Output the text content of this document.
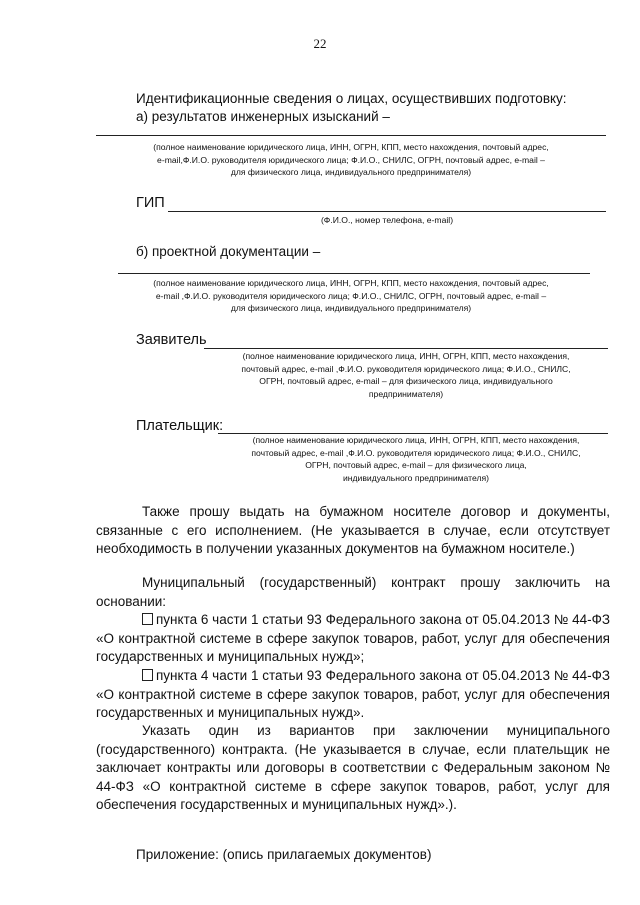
22
Идентификационные сведения о лицах, осуществивших подготовку:
а) результатов инженерных изысканий –
(полное наименование юридического лица, ИНН, ОГРН, КПП, место нахождения, почтовый адрес,
e-mail,Ф.И.О. руководителя юридического лица; Ф.И.О., СНИЛС, ОГРН, почтовый адрес, e-mail –
для физического лица, индивидуального предпринимателя)
ГИП
(Ф.И.О., номер телефона, e-mail)
б) проектной документации –
(полное наименование юридического лица, ИНН, ОГРН, КПП, место нахождения, почтовый адрес,
e-mail ,Ф.И.О. руководителя юридического лица; Ф.И.О., СНИЛС, ОГРН, почтовый адрес, e-mail –
для физического лица, индивидуального предпринимателя)
Заявитель
(полное наименование юридического лица, ИНН, ОГРН, КПП, место нахождения,
почтовый адрес, e-mail ,Ф.И.О. руководителя юридического лица; Ф.И.О., СНИЛС,
ОГРН, почтовый адрес, e-mail – для физического лица, индивидуального
предпринимателя)
Плательщик:
(полное наименование юридического лица, ИНН, ОГРН, КПП, место нахождения,
почтовый адрес, e-mail ,Ф.И.О. руководителя юридического лица; Ф.И.О., СНИЛС,
ОГРН, почтовый адрес, e-mail – для физического лица,
индивидуального предпринимателя)
Также прошу выдать на бумажном носителе договор и документы, связанные с его исполнением. (Не указывается в случае, если отсутствует необходимость в получении указанных документов на бумажном носителе.)
Муниципальный (государственный) контракт прошу заключить на основании:
пункта 6 части 1 статьи 93 Федерального закона от 05.04.2013 № 44-ФЗ «О контрактной системе в сфере закупок товаров, работ, услуг для обеспечения государственных и муниципальных нужд»;
пункта 4 части 1 статьи 93 Федерального закона от 05.04.2013 № 44-ФЗ «О контрактной системе в сфере закупок товаров, работ, услуг для обеспечения государственных и муниципальных нужд».
Указать один из вариантов при заключении муниципального (государственного) контракта. (Не указывается в случае, если плательщик не заключает контракты или договоры в соответствии с Федеральным законом № 44-ФЗ «О контрактной системе в сфере закупок товаров, работ, услуг для обеспечения государственных и муниципальных нужд».).
Приложение: (опись прилагаемых документов)
